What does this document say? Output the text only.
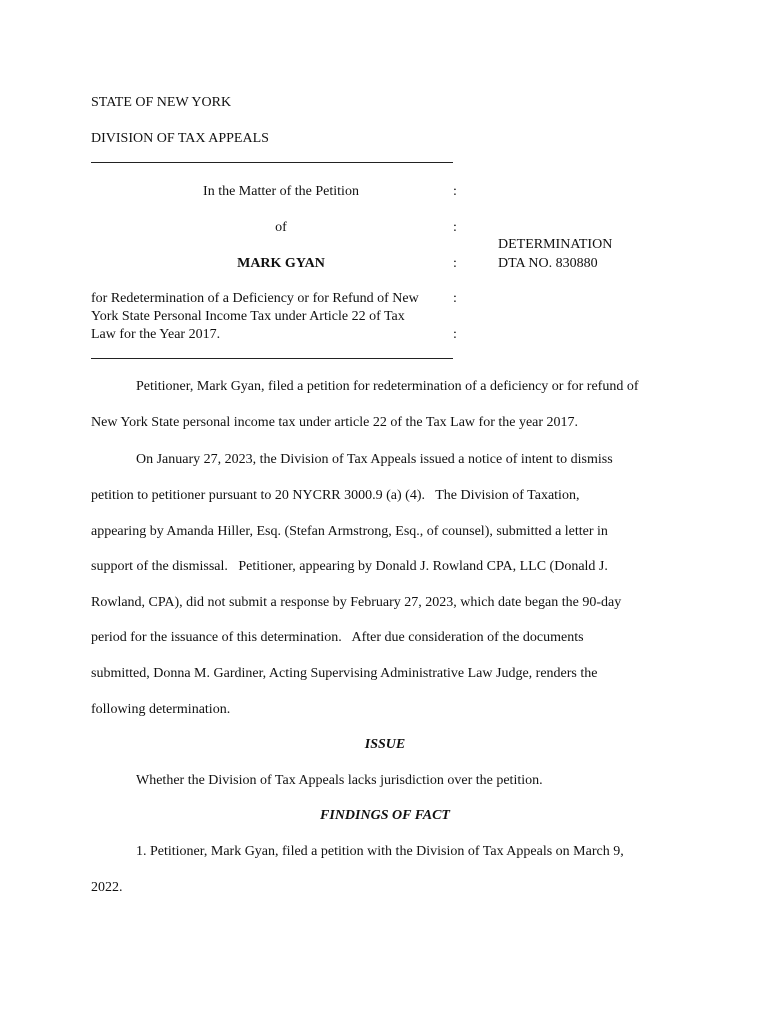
STATE OF NEW YORK
DIVISION OF TAX APPEALS
In the Matter of the Petition	:
of	:
MARK GYAN	:
DETERMINATION
DTA NO. 830880
for Redetermination of a Deficiency or for Refund of New :
York State Personal Income Tax under Article 22 of Tax
Law for the Year 2017.	:
Petitioner, Mark Gyan, filed a petition for redetermination of a deficiency or for refund of
New York State personal income tax under article 22 of the Tax Law for the year 2017.
On January 27, 2023, the Division of Tax Appeals issued a notice of intent to dismiss
petition to petitioner pursuant to 20 NYCRR 3000.9 (a) (4).   The Division of Taxation,
appearing by Amanda Hiller, Esq. (Stefan Armstrong, Esq., of counsel), submitted a letter in
support of the dismissal.   Petitioner, appearing by Donald J. Rowland CPA, LLC (Donald J.
Rowland, CPA), did not submit a response by February 27, 2023, which date began the 90-day
period for the issuance of this determination.   After due consideration of the documents
submitted, Donna M. Gardiner, Acting Supervising Administrative Law Judge, renders the
following determination.
ISSUE
Whether the Division of Tax Appeals lacks jurisdiction over the petition.
FINDINGS OF FACT
1. Petitioner, Mark Gyan, filed a petition with the Division of Tax Appeals on March 9,
2022.
